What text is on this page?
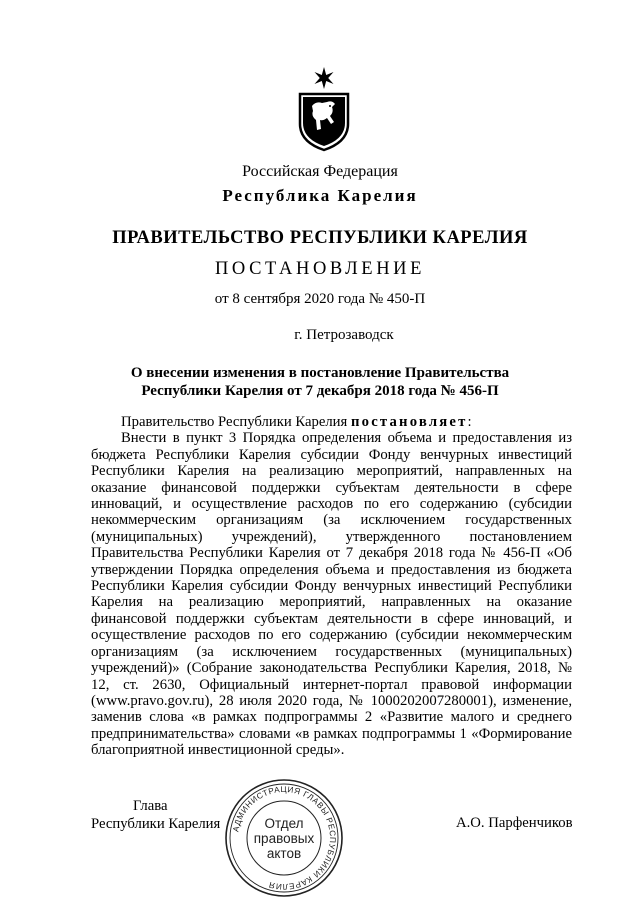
Российская Федерация
Республика Карелия
ПРАВИТЕЛЬСТВО РЕСПУБЛИКИ КАРЕЛИЯ
ПОСТАНОВЛЕНИЕ
от 8 сентября 2020 года № 450-П
г. Петрозаводск
О внесении изменения в постановление Правительства
Республики Карелия от 7 декабря 2018 года № 456-П

Правительство Республики Карелия постановляет:

Внести в пункт 3 Порядка определения объема и предоставления из бюджета Республики Карелия субсидии Фонду венчурных инвестиций Республики Карелия на реализацию мероприятий, направленных на оказание финансовой поддержки субъектам деятельности в сфере инноваций, и осуществление расходов по его содержанию (субсидии некоммерческим организациям (за исключением государственных (муниципальных) учреждений), утвержденного постановлением Правительства Республики Карелия от 7 декабря 2018 года № 456-П «Об утверждении Порядка определения объема и предоставления из бюджета Республики Карелия субсидии Фонду венчурных инвестиций Республики Карелия на реализацию мероприятий, направленных на оказание финансовой поддержки субъектам деятельности в сфере инноваций, и осуществление расходов по его содержанию (субсидии некоммерческим организациям (за исключением государственных (муниципальных) учреждений)» (Собрание законодательства Республики Карелия, 2018, № 12, ст. 2630, Официальный интернет-портал правовой информации (www.pravo.gov.ru), 28 июля 2020 года, № 1000202007280001), изменение, заменив слова «в рамках подпрограммы 2 «Развитие малого и среднего предпринимательства» словами «в рамках подпрограммы 1 «Формирование благоприятной инвестиционной среды».

Глава
Республики Карелия	А.О. Парфенчиков
АДМИНИСТРАЦИЯ ГЛАВЫ РЕСПУБЛИКИ КАРЕЛИЯ
Отдел
правовых
актов
